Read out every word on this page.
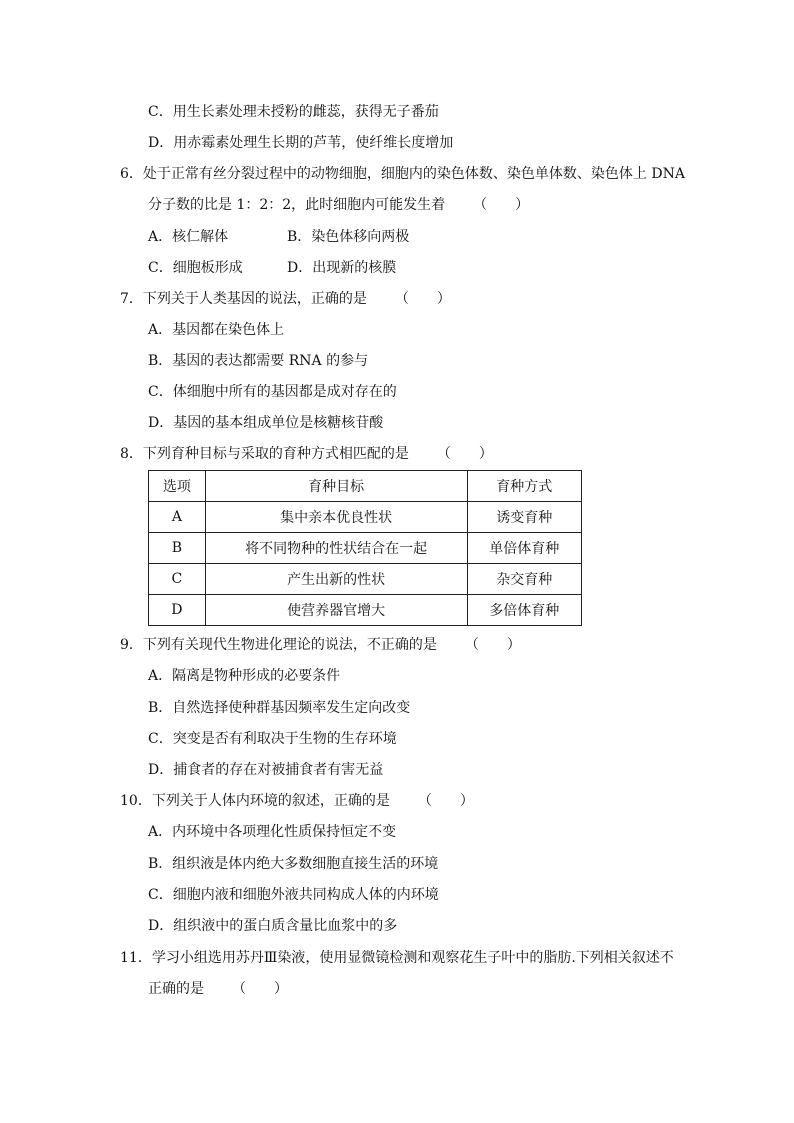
C．用生长素处理未授粉的雌蕊，获得无子番茄
D．用赤霉素处理生长期的芦苇，使纤维长度增加
6．处于正常有丝分裂过程中的动物细胞，细胞内的染色体数、染色单体数、染色体上 DNA
分子数的比是 1：2：2，此时细胞内可能发生着 （　　）
A．核仁解体	B．染色体移向两极
C．细胞板形成	D．出现新的核膜
7．下列关于人类基因的说法，正确的是 （　　）
A．基因都在染色体上
B．基因的表达都需要 RNA 的参与
C．体细胞中所有的基因都是成对存在的
D．基因的基本组成单位是核糖核苷酸
8．下列育种目标与采取的育种方式相匹配的是 （　　）
选项	育种目标	育种方式
A	集中亲本优良性状	诱变育种
B	将不同物种的性状结合在一起	单倍体育种
C	产生出新的性状	杂交育种
D	使营养器官增大	多倍体育种
9．下列有关现代生物进化理论的说法，不正确的是 （　　）
A．隔离是物种形成的必要条件
B．自然选择使种群基因频率发生定向改变
C．突变是否有利取决于生物的生存环境
D．捕食者的存在对被捕食者有害无益
10．下列关于人体内环境的叙述，正确的是 （　　）
A．内环境中各项理化性质保持恒定不变
B．组织液是体内绝大多数细胞直接生活的环境
C．细胞内液和细胞外液共同构成人体的内环境
D．组织液中的蛋白质含量比血浆中的多
11．学习小组选用苏丹Ⅲ染液，使用显微镜检测和观察花生子叶中的脂肪.下列相关叙述不
正确的是 （　　）
